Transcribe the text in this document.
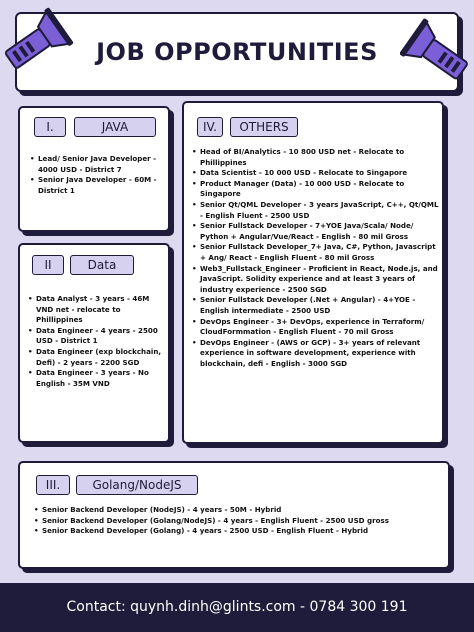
JOB OPPORTUNITIES
I.	JAVA
• Lead/ Senior Java Developer - 4000 USD - District 7
• Senior Java Developer - 60M - District 1
II	Data
• Data Analyst - 3 years - 46M VND net - relocate to Phillippines
• Data Engineer - 4 years - 2500 USD - District 1
• Data Engineer (exp blockchain, Defi) - 2 years - 2200 SGD
• Data Engineer - 3 years - No English - 35M VND
IV.	OTHERS
• Head of BI/Analytics - 10 800 USD net - Relocate to Phillippines
• Data Scientist - 10 000 USD - Relocate to Singapore
• Product Manager (Data) - 10 000 USD - Relocate to Singapore
• Senior Qt/QML Developer - 3 years JavaScript, C++, Qt/QML - English Fluent - 2500 USD
• Senior Fullstack Developer - 7+YOE Java/Scala/ Node/ Python + Angular/Vue/React - English - 80 mil Gross
• Senior Fullstack Developer_7+ Java, C#, Python, Javascript + Ang/ React - English Fluent - 80 mil Gross
• Web3_Fullstack_Engineer - Proficient in React, Node.js, and JavaScript. Solidity experience and at least 3 years of industry experience - 2500 SGD
• Senior Fullstack Developer (.Net + Angular) - 4+YOE - English intermediate - 2500 USD
• DevOps Engineer - 3+ DevOps, experience in Terraform/ CloudFormmation - English Fluent - 70 mil Gross
• DevOps Engineer - (AWS or GCP) - 3+ years of relevant experience in software development, experience with blockchain, defi - English - 3000 SGD
III.	Golang/NodeJS
• Senior Backend Developer (NodeJS) - 4 years - 50M - Hybrid
• Senior Backend Developer (Golang/NodeJS) - 4 years - English Fluent - 2500 USD gross
• Senior Backend Developer (Golang) - 4 years - 2500 USD - English Fluent - Hybrid
Contact: quynh.dinh@glints.com - 0784 300 191
